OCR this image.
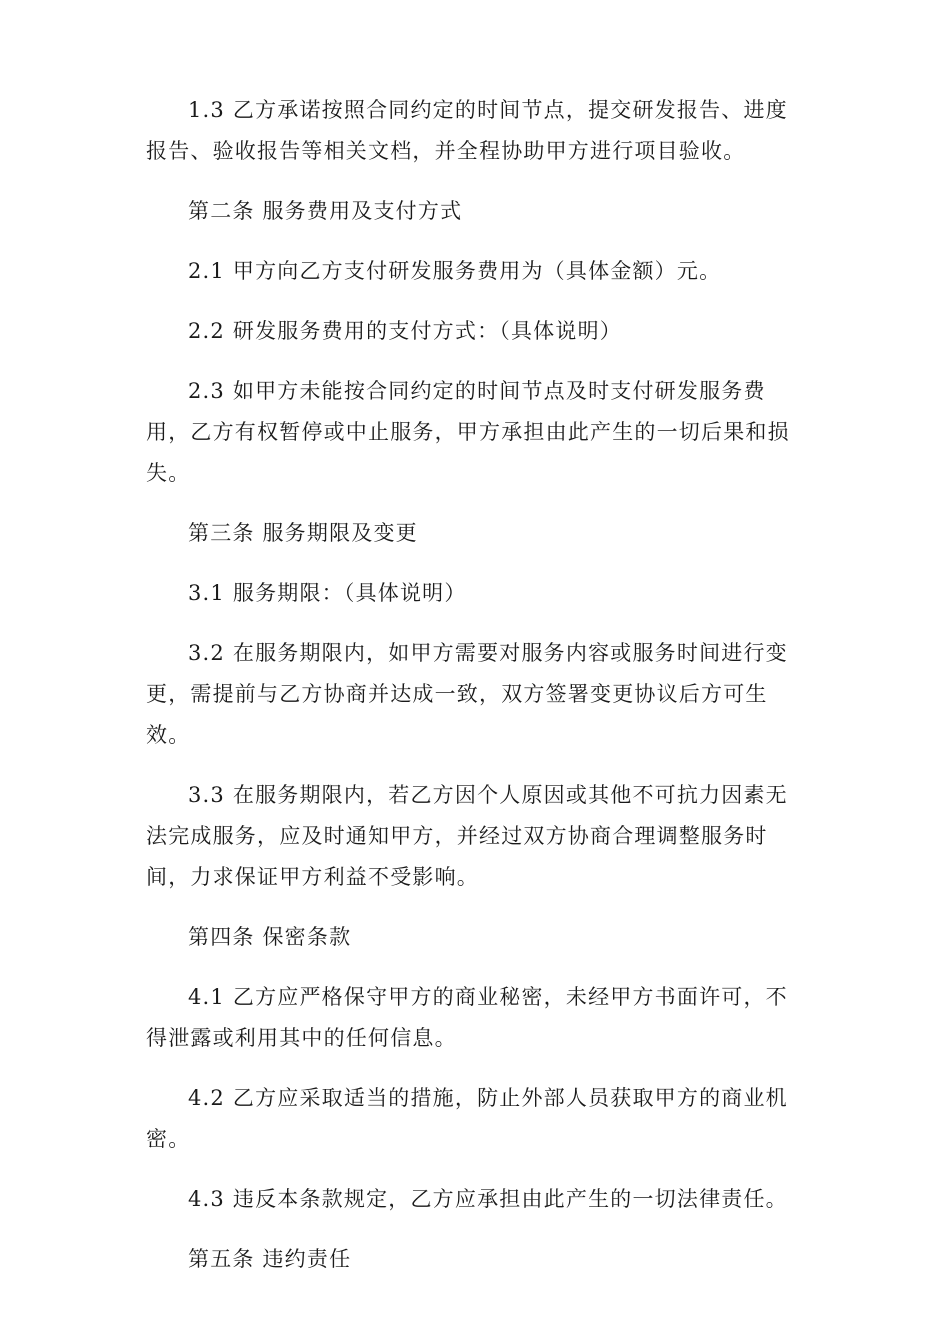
1.3 乙方承诺按照合同约定的时间节点，提交研发报告、进度报告、验收报告等相关文档，并全程协助甲方进行项目验收。

第二条 服务费用及支付方式

2.1 甲方向乙方支付研发服务费用为（具体金额）元。

2.2 研发服务费用的支付方式：（具体说明）

2.3 如甲方未能按合同约定的时间节点及时支付研发服务费用，乙方有权暂停或中止服务，甲方承担由此产生的一切后果和损失。

第三条 服务期限及变更

3.1 服务期限：（具体说明）

3.2 在服务期限内，如甲方需要对服务内容或服务时间进行变更，需提前与乙方协商并达成一致，双方签署变更协议后方可生效。

3.3 在服务期限内，若乙方因个人原因或其他不可抗力因素无法完成服务，应及时通知甲方，并经过双方协商合理调整服务时间，力求保证甲方利益不受影响。

第四条 保密条款

4.1 乙方应严格保守甲方的商业秘密，未经甲方书面许可，不得泄露或利用其中的任何信息。

4.2 乙方应采取适当的措施，防止外部人员获取甲方的商业机密。

4.3 违反本条款规定，乙方应承担由此产生的一切法律责任。

第五条 违约责任
